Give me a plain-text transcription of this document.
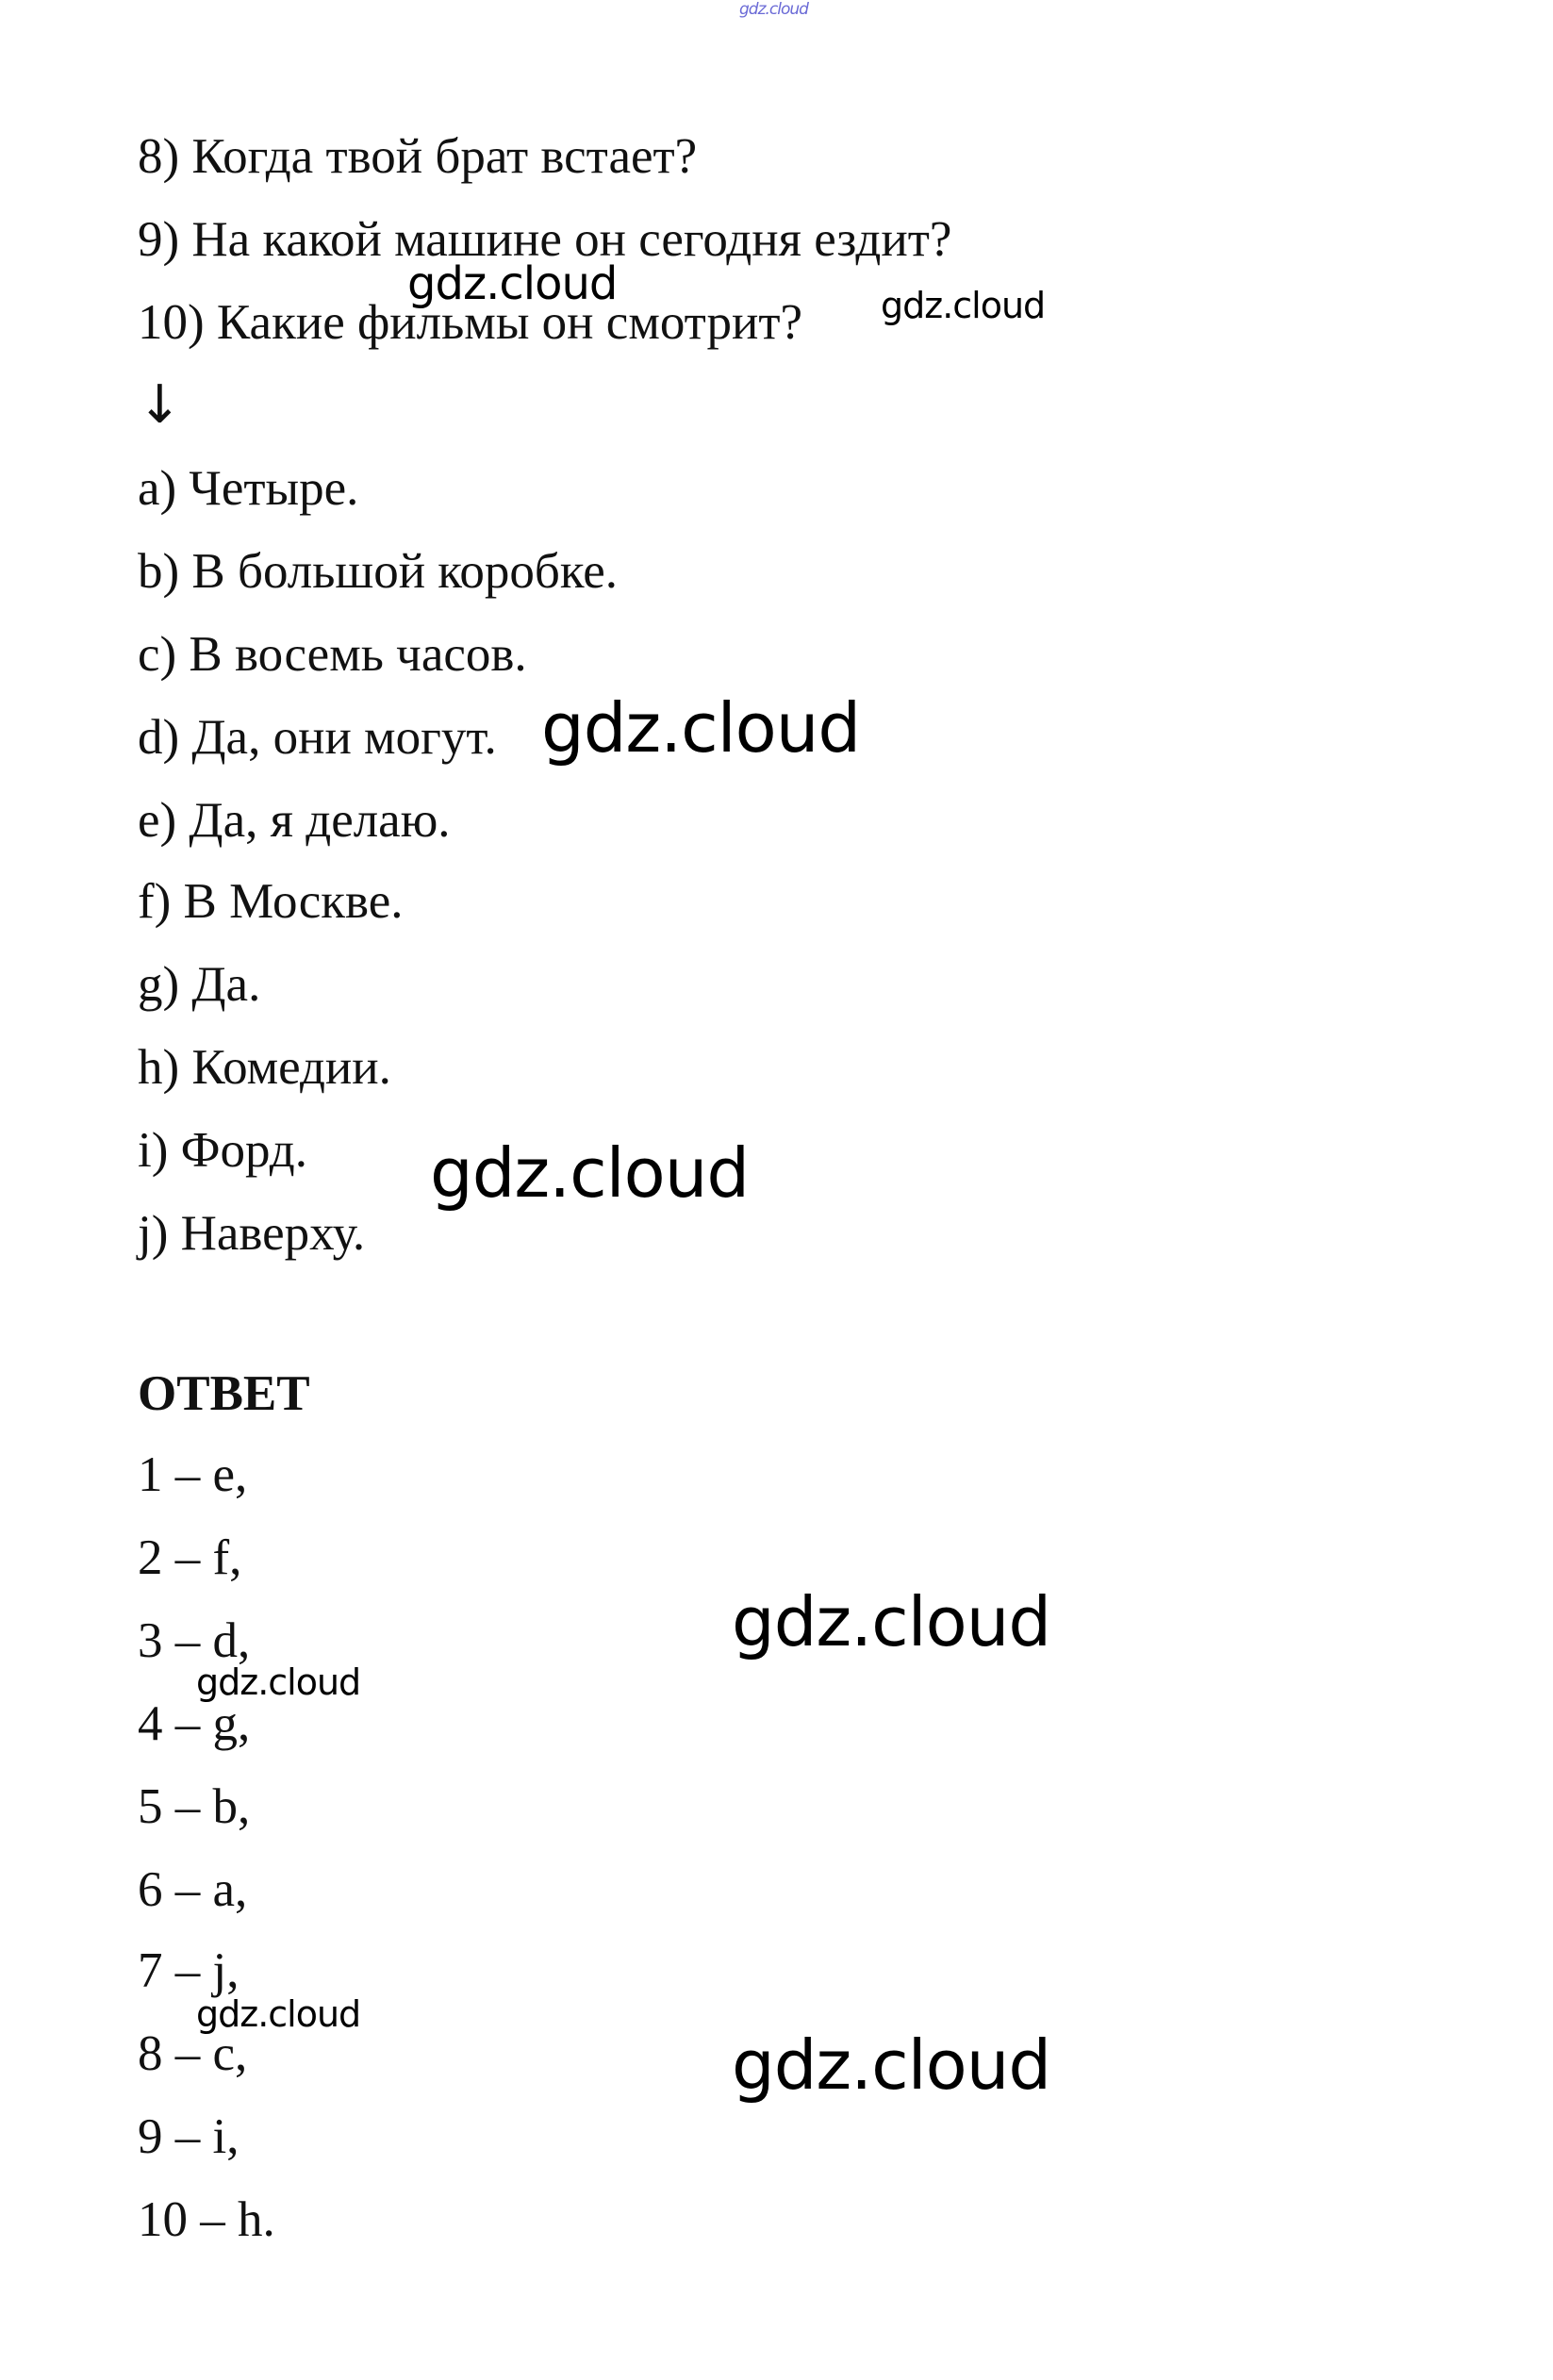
gdz.cloud
8) Когда твой брат встает?
9) На какой машине он сегодня ездит?
10) Какие фильмы он смотрит?
↓
a) Четыре.
b) В большой коробке.
c) В восемь часов.
d) Да, они могут.
e) Да, я делаю.
f) В Москве.
g) Да.
h) Комедии.
i) Форд.
j) Наверху.
ОТВЕТ
1 – e,
2 – f,
3 – d,
4 – g,
5 – b,
6 – a,
7 – j,
8 – c,
9 – i,
10 – h.
gdz.cloud	gdz.cloud
gdz.cloud
gdz.cloud
gdz.cloud
gdz.cloud
gdz.cloud
gdz.cloud
